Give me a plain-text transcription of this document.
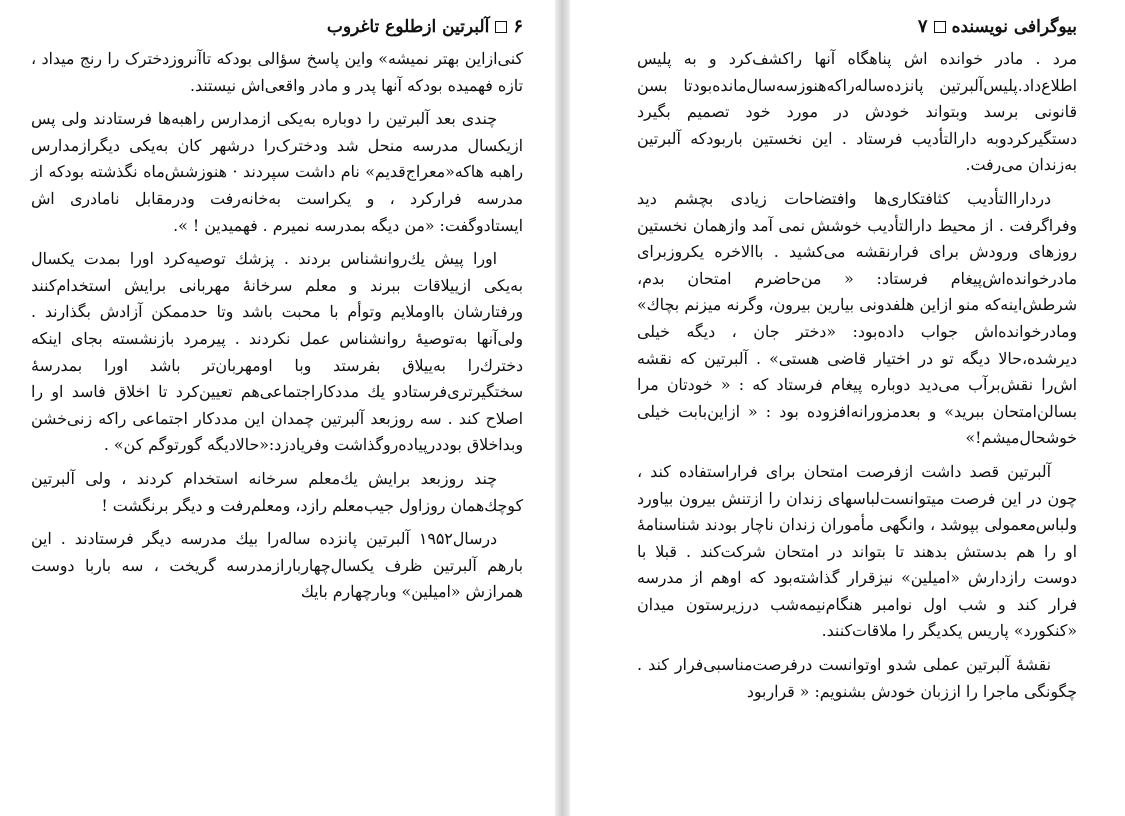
۶
آلبرتین ازطلوع تاغروب

کنی‌ازاین بهتر نمیشه» واین پاسخ سؤالی بودکه تاآنروزدخترک را رنج میداد ، تازه فهمیده بودکه آنها پدر و مادر واقعی‌اش نیستند.

چندی بعد آلبرتین را دوباره به‌یکی ازمدارس راهبه‌ها فرستادند ولی پس ازیکسال مدرسه منحل شد ودخترک‌را درشهر کان به‌یکی دیگرازمدارس راهبه هاکه«معراج‌قدیم» نام داشت سپردند · هنوزشش‌ماه نگذشته بودکه از مدرسه فرارکرد ، و یکراست به‌خانه‌رفت ودرمقابل نامادری اش ایستادوگفت: «من دیگه بمدرسه نمیرم . فهمیدین ! ».

اورا پیش یك‌روانشناس بردند . پزشك توصیه‌کرد اورا بمدت یکسال به‌یکی ازییلاقات ببرند و معلم سرخانهٔ مهربانی برایش استخدام‌کنند ورفتارشان بااوملایم وتوأم با محبت باشد وتا حدممکن آزادش بگذارند . ولی‌آنها به‌توصیهٔ روانشناس عمل نکردند . پیرمرد بازنشسته بجای اینکه دخترك‌را به‌ییلاق بفرستد وبا اومهربان‌تر باشد اورا بمدرسهٔ سختگیرتری‌فرستادو یك مددکاراجتماعی‌هم تعیین‌کرد تا اخلاق فاسد او را اصلاح کند . سه روزبعد آلبرتین چمدان این مددکار اجتماعی راکه زنی‌خشن وبداخلاق بوددرپیاده‌روگذاشت وفریادزد:«حالادیگه گورتوگم کن» .

چند روزبعد برایش یك‌معلم سرخانه استخدام کردند ، ولی آلبرتین کوچك‌همان روزاول جیب‌معلم رازد، ومعلم‌رفت و دیگر برنگشت !

درسال۱۹۵۲ آلبرتین پانزده ساله‌را بیك مدرسه دیگر فرستادند . این بارهم آلبرتین ظرف یکسال‌چهاربارازمدرسه گریخت ، سه باربا دوست همرازش «امیلین» وبارچهارم بایك

بیوگرافی نویسنده
۷

مرد . مادر خوانده اش پناهگاه آنها راکشف‌کرد و به پلیس اطلاع‌داد.پلیس‌آلبرتین پانزده‌ساله‌راکه‌هنوزسه‌سال‌مانده‌بودتا بسن قانونی برسد وبتواند خودش در مورد خود تصمیم بگیرد دستگیرکردوبه دارالتأدیب فرستاد . این نخستین باربودکه آلبرتین به‌زندان می‌رفت.

درداراالتأدیب کثافتکاری‌ها وافتضاحات زیادی بچشم دید وفراگرفت . از محیط دارالتأدیب خوشش نمی آمد وازهمان نخستین روزهای ورودش برای فرارنقشه می‌کشید . باالاخره یکروزبرای مادرخوانده‌اش‌پیغام فرستاد: « من‌حاضرم امتحان بدم، شرطش‌اینه‌که منو ازاین هلفدونی بیارین بیرون، وگرنه میزنم بچاك» ومادرخوانده‌اش جواب داده‌بود: «دختر جان ، دیگه خیلی دیرشده،حالا دیگه تو در اختیار قاضی هستی» . آلبرتین که نقشه اش‌را نقش‌برآب می‌دید دوباره پیغام فرستاد که : « خودتان مرا بسالن‌امتحان ببرید» و بعدمزورانه‌افزوده بود : « ازاین‌بابت خیلی خوشحال‌میشم!»

آلبرتین قصد داشت ازفرصت امتحان برای فراراستفاده کند ، چون در این فرصت میتوانست‌لباسهای زندان را ازتنش بیرون بیاورد ولباس‌معمولی بپوشد ، وانگهی مأموران زندان ناچار بودند شناسنامهٔ او را هم بدستش بدهند تا بتواند در امتحان شرکت‌کند . قبلا با دوست رازدارش «امیلین» نیزقرار گذاشته‌بود که اوهم از مدرسه فرار کند و شب اول نوامبر هنگام‌نیمه‌شب درزیرستون میدان «کنکورد» پاریس یکدیگر را ملاقات‌کنند.

نقشهٔ آلبرتین عملی شدو اوتوانست درفرصت‌مناسبی‌فرار کند . چگونگی ماجرا را اززبان خودش بشنویم: « قراربود
